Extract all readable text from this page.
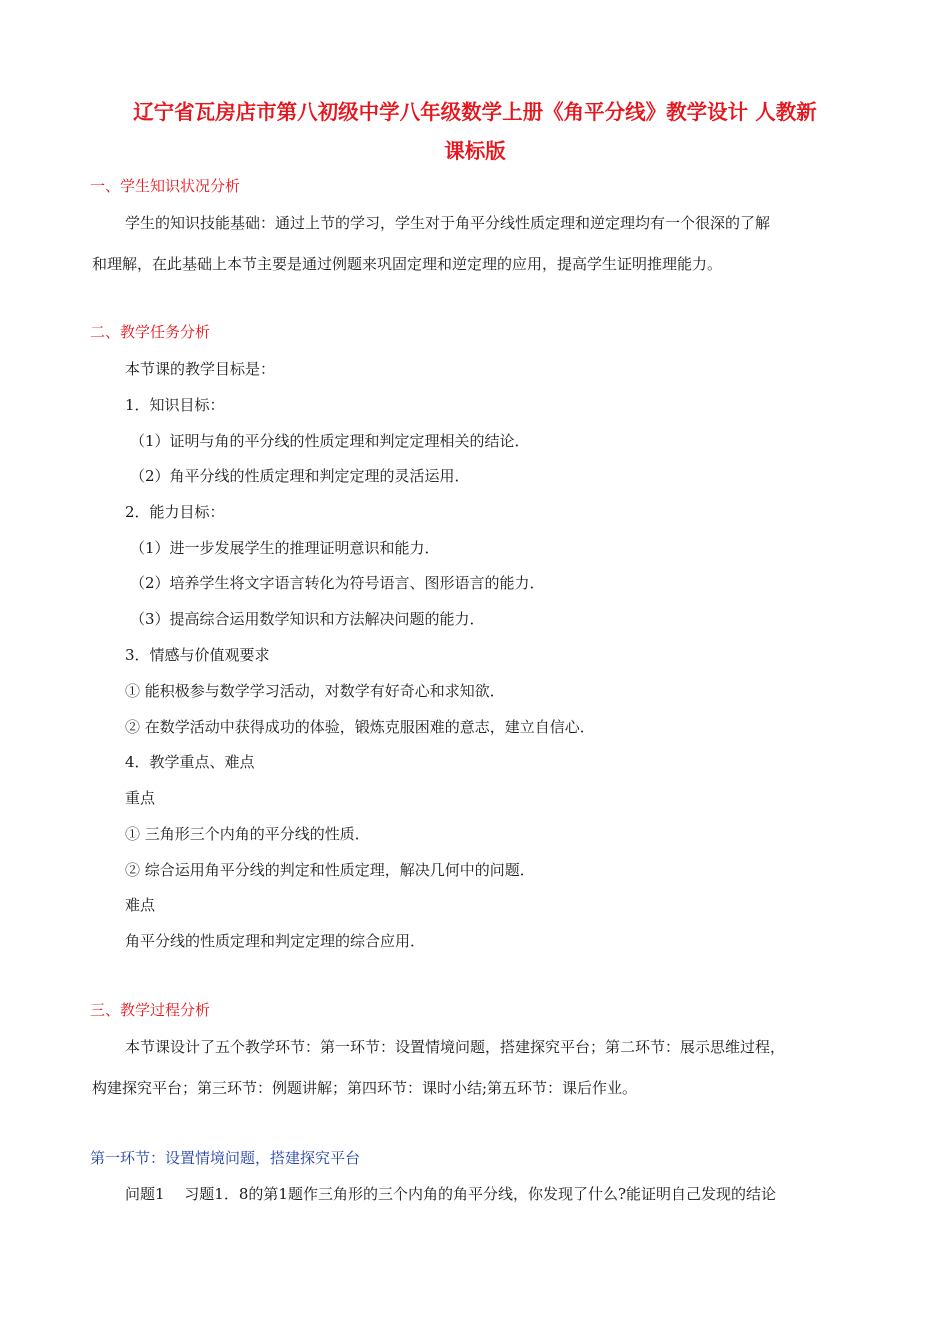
辽宁省瓦房店市第八初级中学八年级数学上册《角平分线》教学设计 人教新
课标版
一、学生知识状况分析
学生的知识技能基础：通过上节的学习，学生对于角平分线性质定理和逆定理均有一个很深的了解
和理解，在此基础上本节主要是通过例题来巩固定理和逆定理的应用，提高学生证明推理能力。
二、教学任务分析
本节课的教学目标是：
1．知识目标：
（1）证明与角的平分线的性质定理和判定定理相关的结论．
（2）角平分线的性质定理和判定定理的灵活运用．
2．能力目标：
（1）进一步发展学生的推理证明意识和能力．
（2）培养学生将文字语言转化为符号语言、图形语言的能力．
（3）提高综合运用数学知识和方法解决问题的能力．
3．情感与价值观要求
① 能积极参与数学学习活动，对数学有好奇心和求知欲．
② 在数学活动中获得成功的体验，锻炼克服困难的意志，建立自信心．
4．教学重点、难点
重点
① 三角形三个内角的平分线的性质．
② 综合运用角平分线的判定和性质定理，解决几何中的问题．
难点
角平分线的性质定理和判定定理的综合应用．
三、教学过程分析
本节课设计了五个教学环节：第一环节：设置情境问题，搭建探究平台；第二环节：展示思维过程，
构建探究平台；第三环节：例题讲解；第四环节：课时小结;第五环节：课后作业。
第一环节：设置情境问题，搭建探究平台
问题1　 习题1．8的第1题作三角形的三个内角的角平分线，你发现了什么?能证明自己发现的结论
